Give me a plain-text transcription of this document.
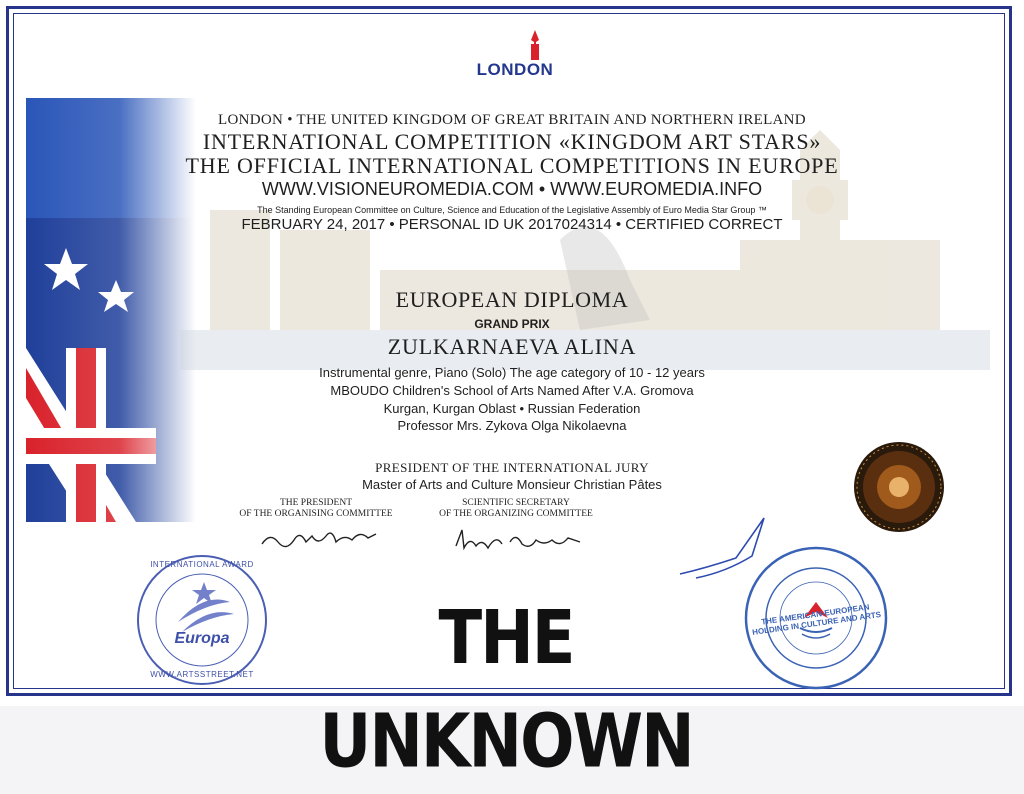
LONDON
LONDON • THE UNITED KINGDOM OF GREAT BRITAIN AND NORTHERN IRELAND
INTERNATIONAL COMPETITION «KINGDOM ART STARS»
THE OFFICIAL INTERNATIONAL COMPETITIONS IN EUROPE
WWW.VISIONEUROMEDIA.COM • WWW.EUROMEDIA.INFO
The Standing European Committee on Culture, Science and Education of the Legislative Assembly of Euro Media Star Group ™
FEBRUARY 24, 2017 • PERSONAL ID UK 2017024314 • CERTIFIED CORRECT
EUROPEAN DIPLOMA
GRAND PRIX
ZULKARNAEVA ALINA
Instrumental genre, Piano (Solo) The age category of 10 - 12 years
MBOUDO Children's School of Arts Named After V.A. Gromova
Kurgan, Kurgan Oblast • Russian Federation
Professor Mrs. Zykova Olga Nikolaevna
PRESIDENT OF THE INTERNATIONAL JURY
Master of Arts and Culture Monsieur Christian Pâtes
THE PRESIDENT
OF THE ORGANISING COMMITTEE
SCIENTIFIC SECRETARY
OF THE ORGANIZING COMMITTEE
Europa
INTERNATIONAL AWARD
WWW.ARTSSTREET.NET
THE AMERICAN-EUROPEAN HOLDING IN CULTURE AND ARTS
THE UNKNOWN
